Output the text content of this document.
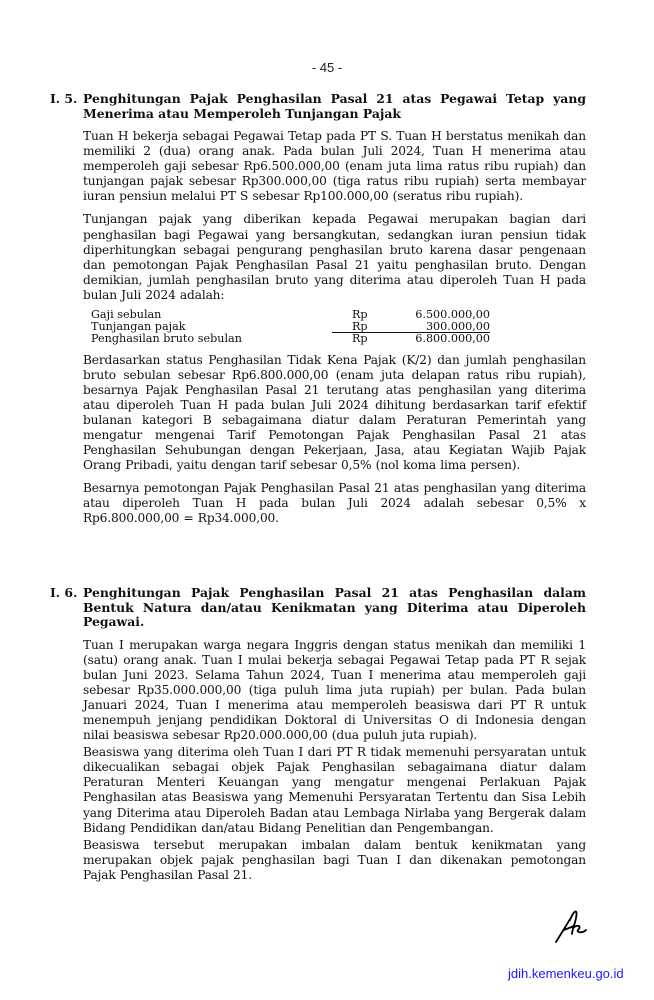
- 45 -
I. 5. Penghitungan Pajak Penghasilan Pasal 21 atas Pegawai Tetap yang Menerima atau Memperoleh Tunjangan Pajak

Tuan H bekerja sebagai Pegawai Tetap pada PT S. Tuan H berstatus menikah dan memiliki 2 (dua) orang anak. Pada bulan Juli 2024, Tuan H menerima atau memperoleh gaji sebesar Rp6.500.000,00 (enam juta lima ratus ribu rupiah) dan tunjangan pajak sebesar Rp300.000,00 (tiga ratus ribu rupiah) serta membayar iuran pensiun melalui PT S sebesar Rp100.000,00 (seratus ribu rupiah).

Tunjangan pajak yang diberikan kepada Pegawai merupakan bagian dari penghasilan bagi Pegawai yang bersangkutan, sedangkan iuran pensiun tidak diperhitungkan sebagai pengurang penghasilan bruto karena dasar pengenaan dan pemotongan Pajak Penghasilan Pasal 21 yaitu penghasilan bruto. Dengan demikian, jumlah penghasilan bruto yang diterima atau diperoleh Tuan H pada bulan Juli 2024 adalah:

Gaji sebulan		Rp	6.500.000,00
Tunjangan pajak		Rp	300.000,00
Penghasilan bruto sebulan		Rp	6.800.000,00

Berdasarkan status Penghasilan Tidak Kena Pajak (K/2) dan jumlah penghasilan bruto sebulan sebesar Rp6.800.000,00 (enam juta delapan ratus ribu rupiah), besarnya Pajak Penghasilan Pasal 21 terutang atas penghasilan yang diterima atau diperoleh Tuan H pada bulan Juli 2024 dihitung berdasarkan tarif efektif bulanan kategori B sebagaimana diatur dalam Peraturan Pemerintah yang mengatur mengenai Tarif Pemotongan Pajak Penghasilan Pasal 21 atas Penghasilan Sehubungan dengan Pekerjaan, Jasa, atau Kegiatan Wajib Pajak Orang Pribadi, yaitu dengan tarif sebesar 0,5% (nol koma lima persen).

Besarnya pemotongan Pajak Penghasilan Pasal 21 atas penghasilan yang diterima atau diperoleh Tuan H pada bulan Juli 2024 adalah sebesar 0,5% x Rp6.800.000,00 = Rp34.000,00.

I. 6. Penghitungan Pajak Penghasilan Pasal 21 atas Penghasilan dalam Bentuk Natura dan/atau Kenikmatan yang Diterima atau Diperoleh Pegawai.

Tuan I merupakan warga negara Inggris dengan status menikah dan memiliki 1 (satu) orang anak. Tuan I mulai bekerja sebagai Pegawai Tetap pada PT R sejak bulan Juni 2023. Selama Tahun 2024, Tuan I menerima atau memperoleh gaji sebesar Rp35.000.000,00 (tiga puluh lima juta rupiah) per bulan. Pada bulan Januari 2024, Tuan I menerima atau memperoleh beasiswa dari PT R untuk menempuh jenjang pendidikan Doktoral di Universitas O di Indonesia dengan nilai beasiswa sebesar Rp20.000.000,00 (dua puluh juta rupiah).

Beasiswa yang diterima oleh Tuan I dari PT R tidak memenuhi persyaratan untuk dikecualikan sebagai objek Pajak Penghasilan sebagaimana diatur dalam Peraturan Menteri Keuangan yang mengatur mengenai Perlakuan Pajak Penghasilan atas Beasiswa yang Memenuhi Persyaratan Tertentu dan Sisa Lebih yang Diterima atau Diperoleh Badan atau Lembaga Nirlaba yang Bergerak dalam Bidang Pendidikan dan/atau Bidang Penelitian dan Pengembangan.

Beasiswa tersebut merupakan imbalan dalam bentuk kenikmatan yang merupakan objek pajak penghasilan bagi Tuan I dan dikenakan pemotongan Pajak Penghasilan Pasal 21.

jdih.kemenkeu.go.id
